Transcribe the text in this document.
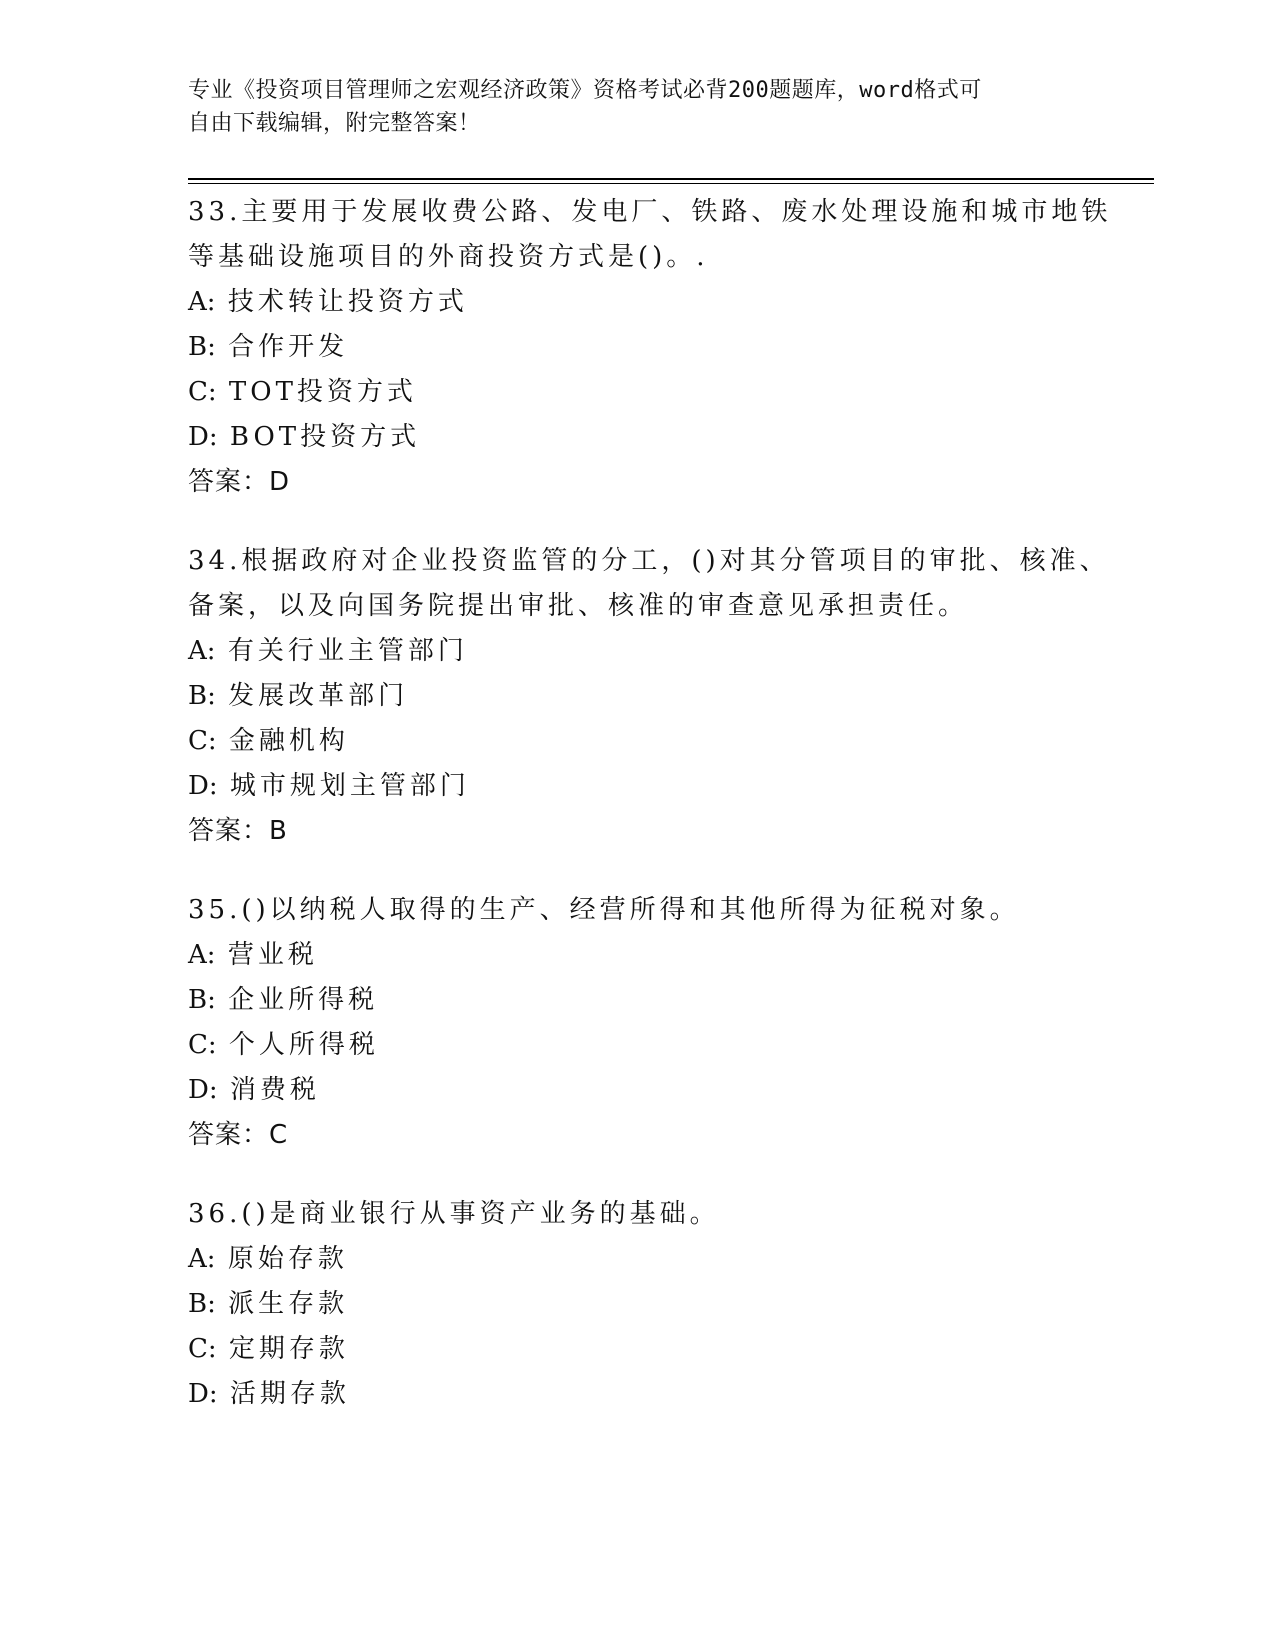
专业《投资项目管理师之宏观经济政策》资格考试必背200题题库，word格式可
自由下载编辑，附完整答案！
33.主要用于发展收费公路、发电厂、铁路、废水处理设施和城市地铁
等基础设施项目的外商投资方式是()。.
A: 技术转让投资方式
B: 合作开发
C: TOT投资方式
D: BOT投资方式
答案：D
34.根据政府对企业投资监管的分工，()对其分管项目的审批、核准、
备案，以及向国务院提出审批、核准的审查意见承担责任。
A: 有关行业主管部门
B: 发展改革部门
C: 金融机构
D: 城市规划主管部门
答案：B
35.()以纳税人取得的生产、经营所得和其他所得为征税对象。
A: 营业税
B: 企业所得税
C: 个人所得税
D: 消费税
答案：C
36.()是商业银行从事资产业务的基础。
A: 原始存款
B: 派生存款
C: 定期存款
D: 活期存款
